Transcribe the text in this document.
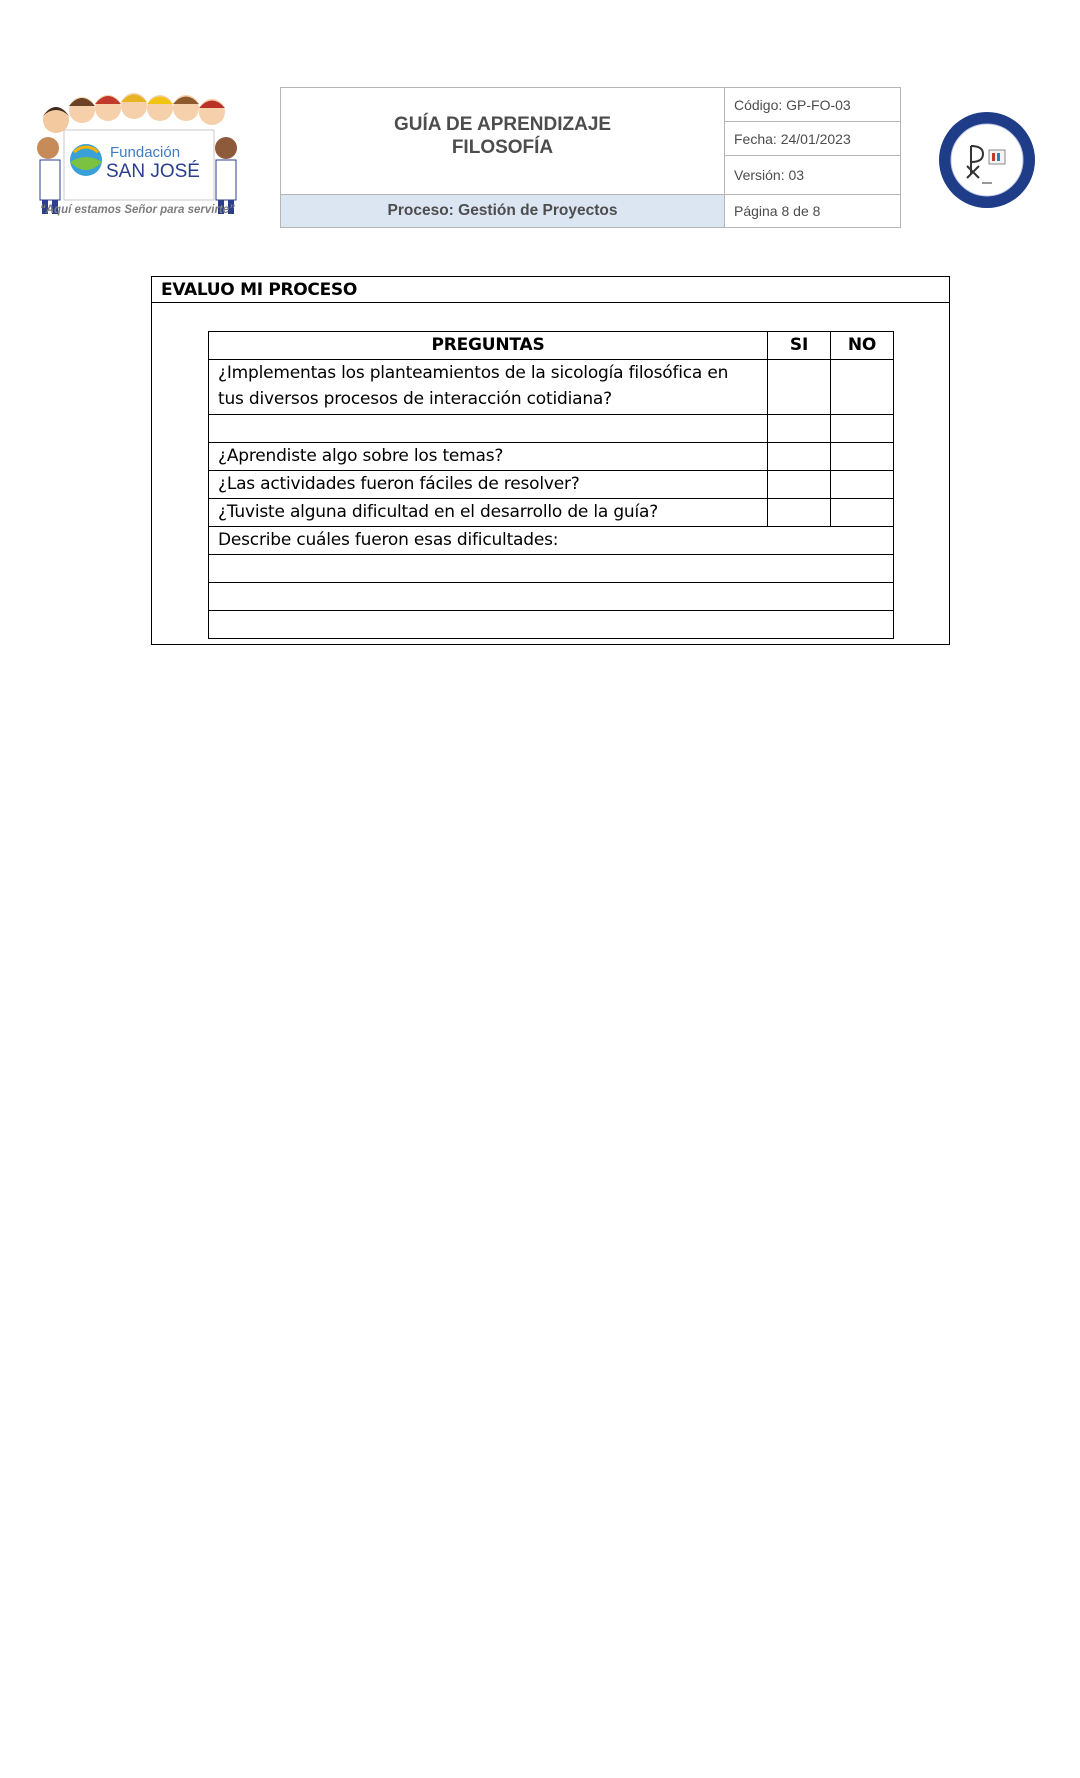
Fundación
SAN JOSÉ
“Aquí estamos Señor para servirte”
GUÍA DE APRENDIZAJE
FILOSOFÍA
Proceso: Gestión de Proyectos
Código: GP-FO-03
Fecha: 24/01/2023
Versión: 03
Página 8 de 8
EVALUO MI PROCESO
PREGUNTAS	SI	NO
¿Implementas los planteamientos de la sicología filosófica en tus diversos procesos de interacción cotidiana?		

¿Aprendiste algo sobre los temas?		
¿Las actividades fueron fáciles de resolver?		
¿Tuviste alguna dificultad en el desarrollo de la guía?		
Describe cuáles fueron esas dificultades:		
